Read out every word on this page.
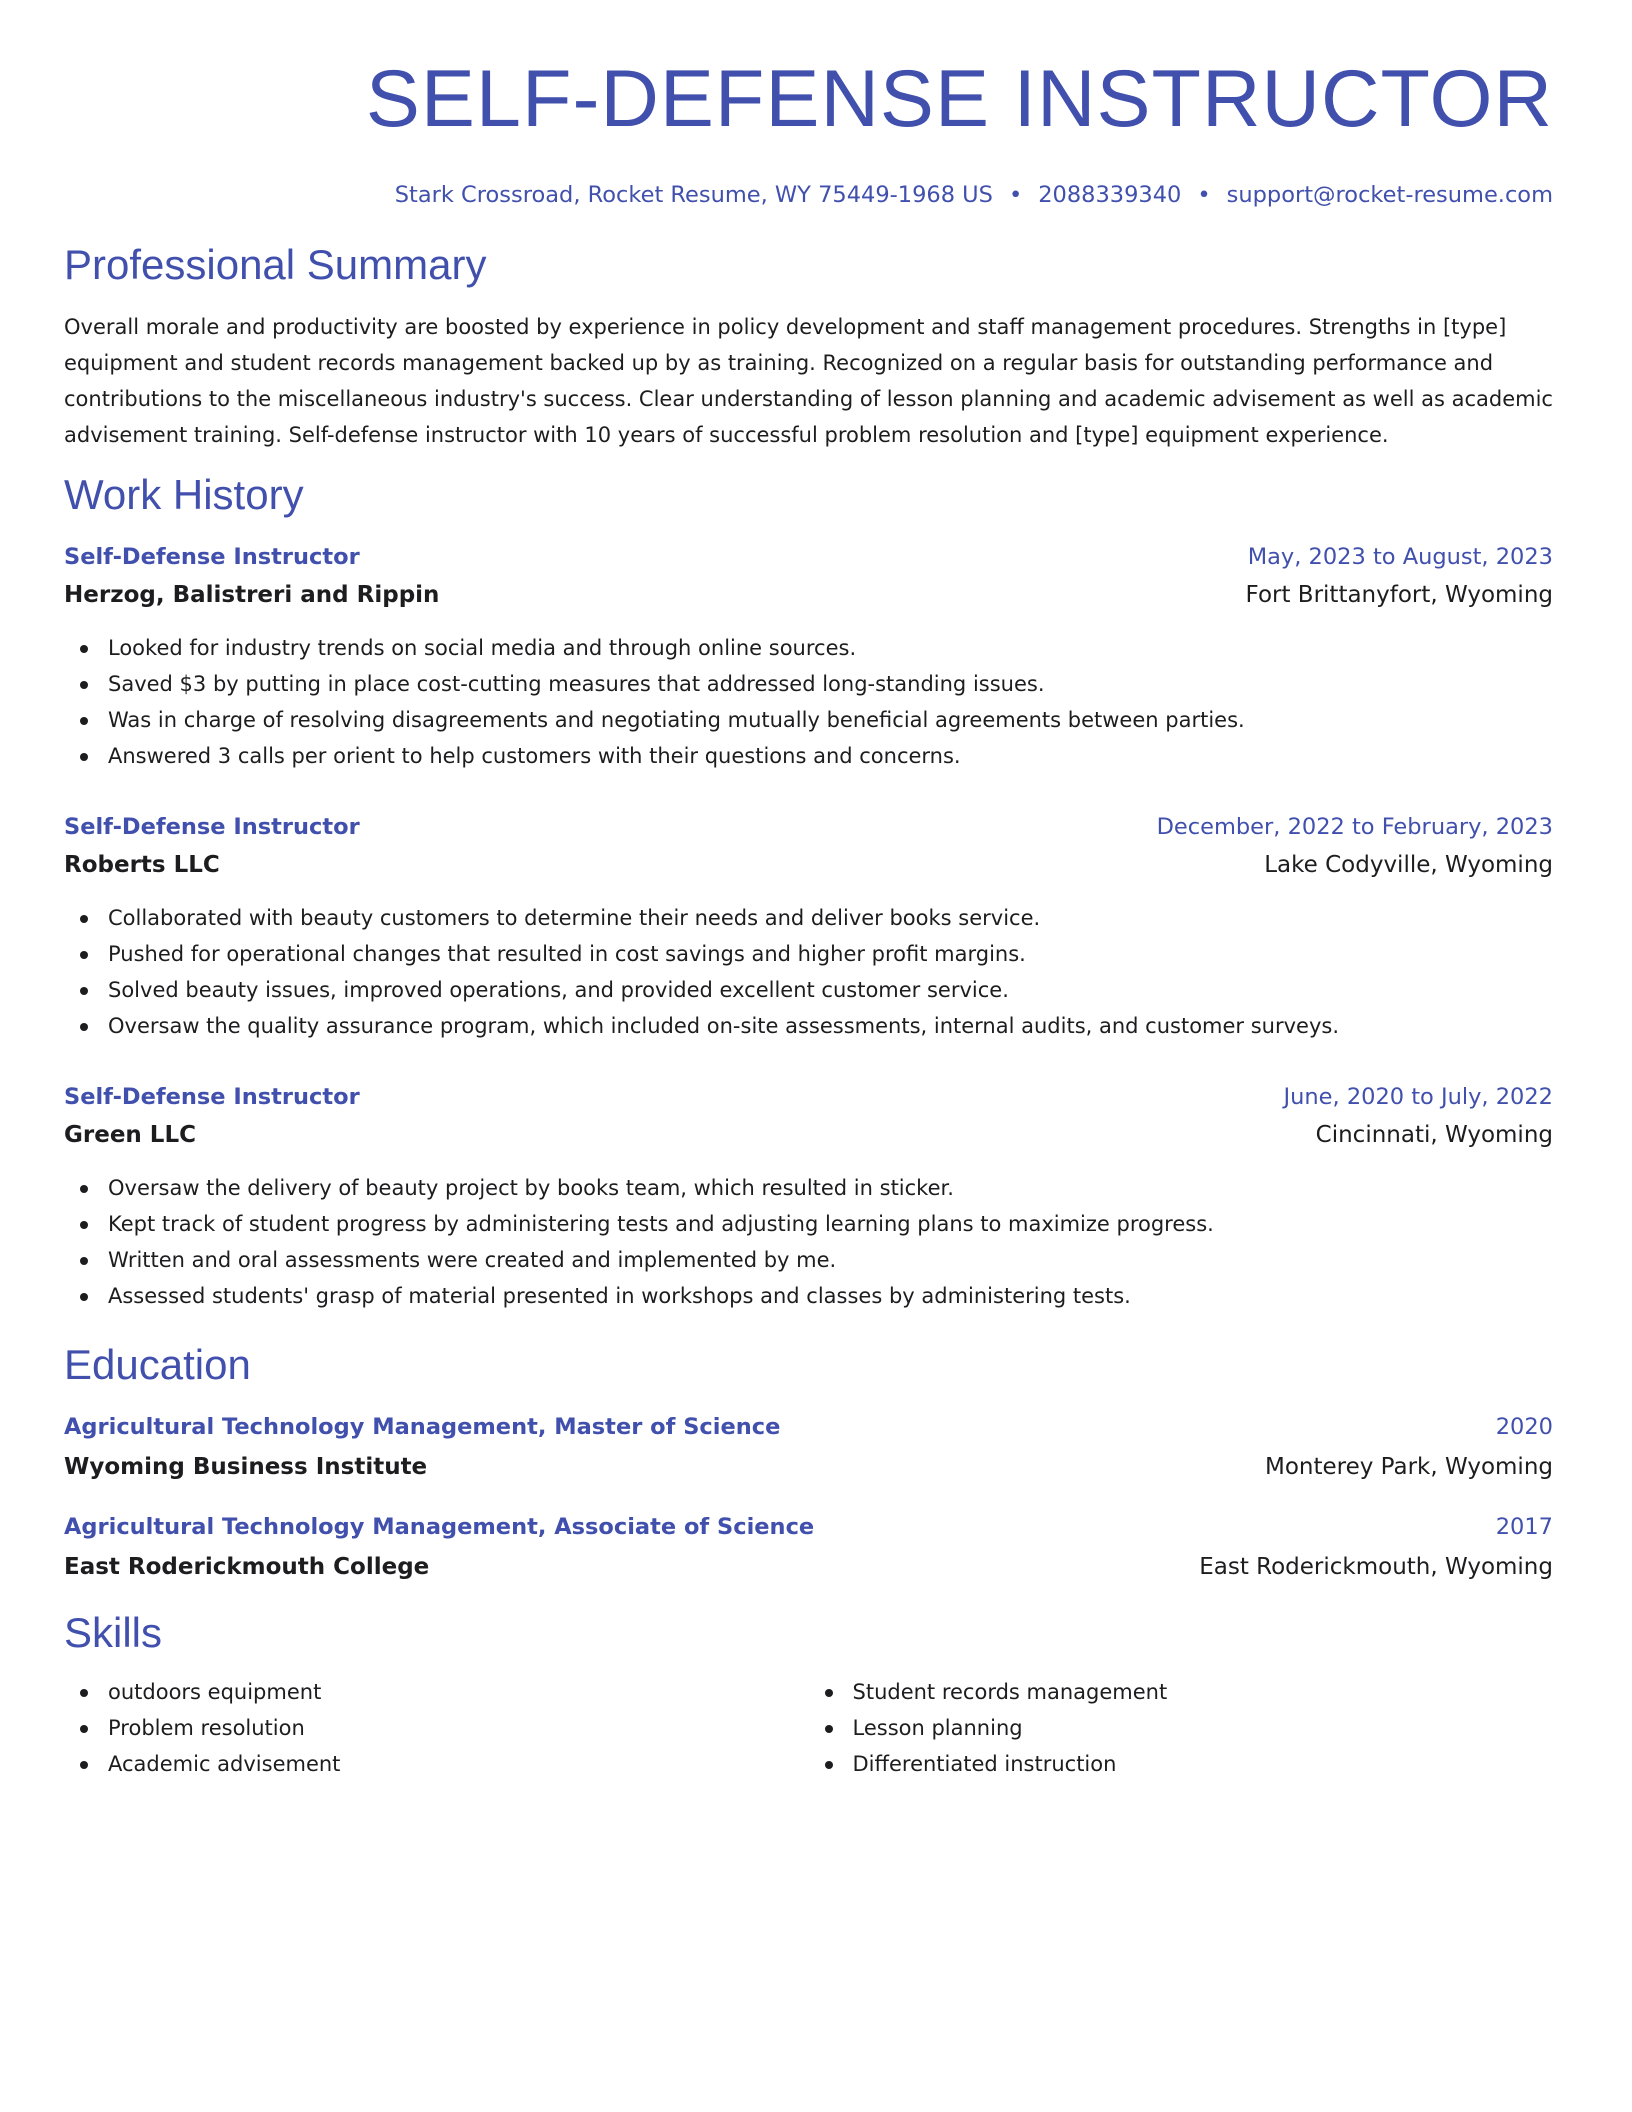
SELF-DEFENSE INSTRUCTOR
Stark Crossroad, Rocket Resume, WY 75449-1968 US • 2088339340 • support@rocket-resume.com
Professional Summary

Overall morale and productivity are boosted by experience in policy development and staff management procedures. Strengths in [type] equipment and student records management backed up by as training. Recognized on a regular basis for outstanding performance and contributions to the miscellaneous industry's success. Clear understanding of lesson planning and academic advisement as well as academic advisement training. Self-defense instructor with 10 years of successful problem resolution and [type] equipment experience.

Work History
Self-Defense Instructor	May, 2023 to August, 2023
Herzog, Balistreri and Rippin	Fort Brittanyfort, Wyoming
Looked for industry trends on social media and through online sources.
Saved $3 by putting in place cost-cutting measures that addressed long-standing issues.
Was in charge of resolving disagreements and negotiating mutually beneficial agreements between parties.
Answered 3 calls per orient to help customers with their questions and concerns.
Self-Defense Instructor	December, 2022 to February, 2023
Roberts LLC	Lake Codyville, Wyoming
Collaborated with beauty customers to determine their needs and deliver books service.
Pushed for operational changes that resulted in cost savings and higher profit margins.
Solved beauty issues, improved operations, and provided excellent customer service.
Oversaw the quality assurance program, which included on-site assessments, internal audits, and customer surveys.
Self-Defense Instructor	June, 2020 to July, 2022
Green LLC	Cincinnati, Wyoming
Oversaw the delivery of beauty project by books team, which resulted in sticker.
Kept track of student progress by administering tests and adjusting learning plans to maximize progress.
Written and oral assessments were created and implemented by me.
Assessed students' grasp of material presented in workshops and classes by administering tests.
Education
Agricultural Technology Management, Master of Science	2020
Wyoming Business Institute	Monterey Park, Wyoming
Agricultural Technology Management, Associate of Science	2017
East Roderickmouth College	East Roderickmouth, Wyoming
Skills
outdoors equipment
Problem resolution
Academic advisement
Student records management
Lesson planning
Differentiated instruction
